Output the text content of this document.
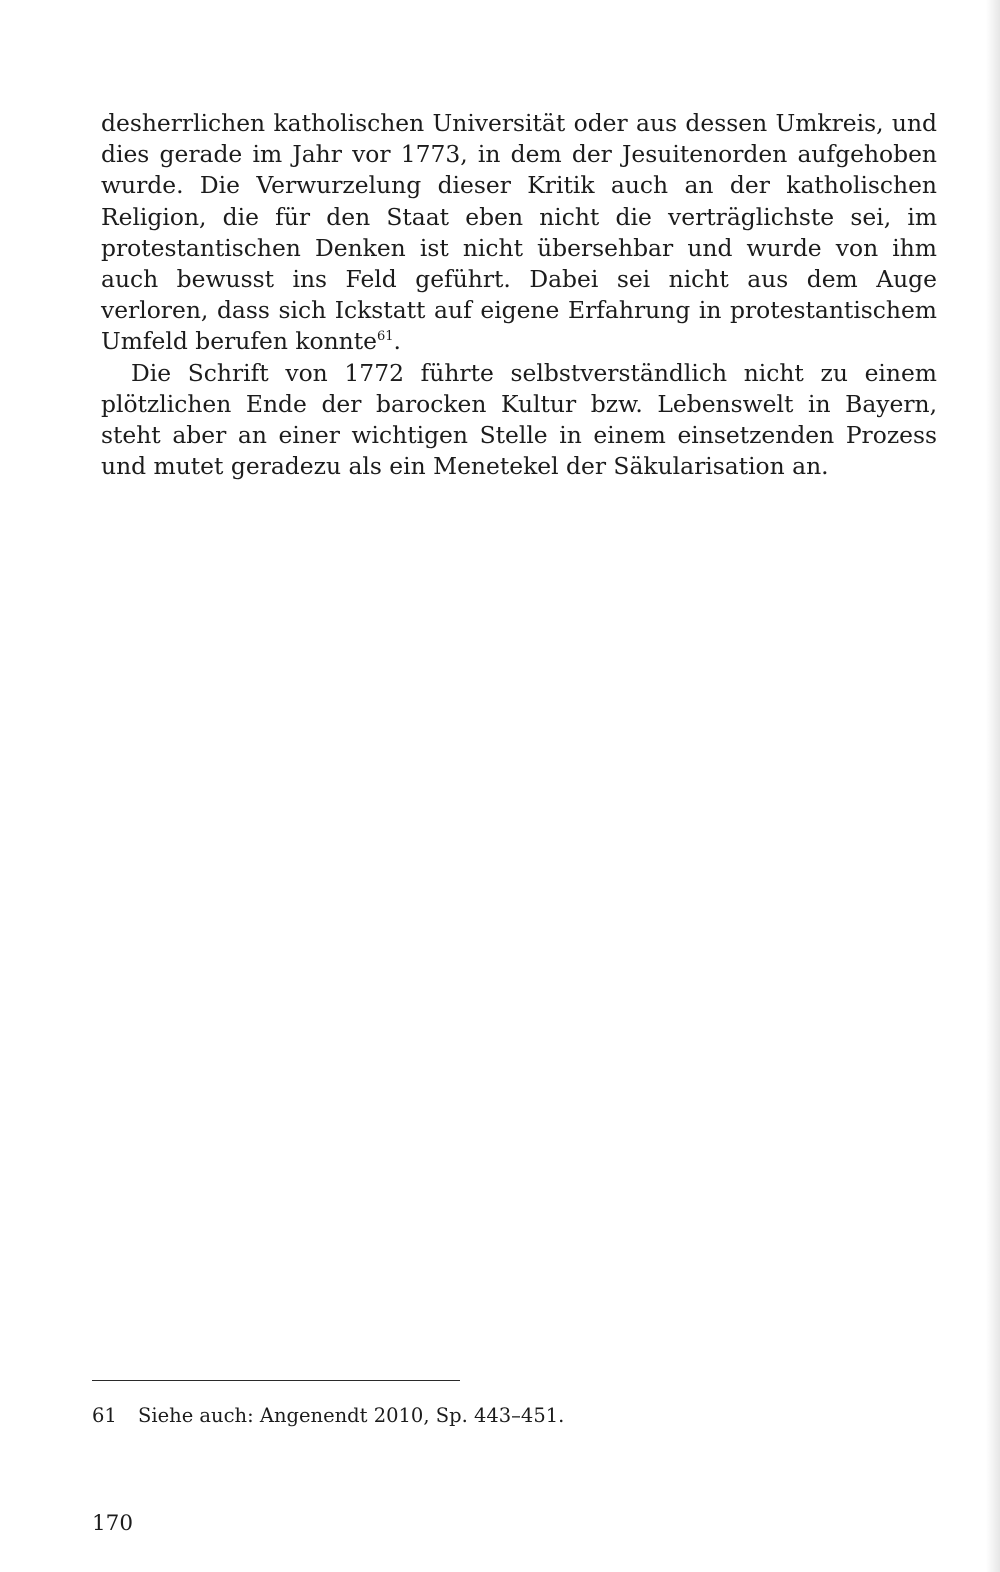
desherrlichen katholischen Universität oder aus dessen Umkreis, und dies gerade im Jahr vor 1773, in dem der Jesuitenorden aufgehoben wurde. Die Verwurzelung dieser Kritik auch an der katholischen Religion, die für den Staat eben nicht die verträglichste sei, im protestantischen Denken ist nicht übersehbar und wurde von ihm auch bewusst ins Feld geführt. Dabei sei nicht aus dem Auge verloren, dass sich Ickstatt auf eigene Erfahrung in protestantischem Umfeld berufen konnte$^{61}$.

Die Schrift von 1772 führte selbstverständlich nicht zu einem plötzlichen Ende der barocken Kultur bzw. Lebenswelt in Bayern, steht aber an einer wichtigen Stelle in einem einsetzenden Prozess und mutet geradezu als ein Menetekel der Säkularisation an.

61 Siehe auch: Angenendt 2010, Sp. 443–451.
170
